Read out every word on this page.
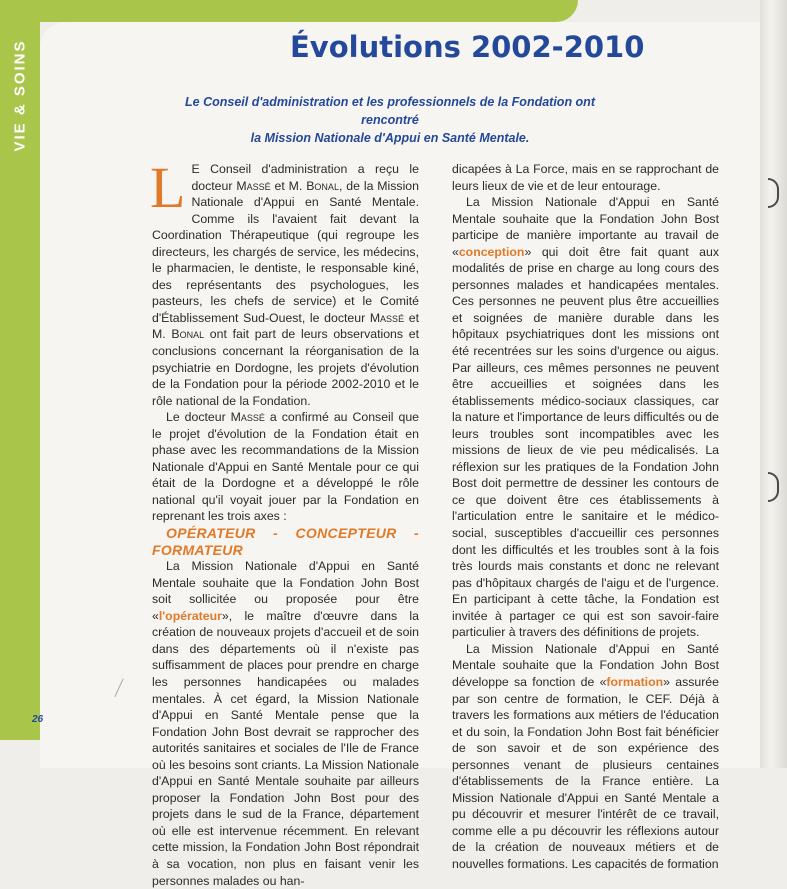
VIE & SOINS	Évolutions 2002-2010

Le Conseil d'administration et les professionnels de la Fondation ont rencontré
la Mission Nationale d'Appui en Santé Mentale.

L E Conseil d'administration a reçu le docteur Massé et M. Bonal, de la Mission Nationale d'Appui en Santé Mentale. Comme ils l'avaient fait devant la Coordination Thérapeutique (qui regroupe les directeurs, les chargés de service, les médecins, le pharmacien, le dentiste, le responsable kiné, des représentants des psychologues, les pasteurs, les chefs de service) et le Comité d'Établissement Sud-Ouest, le docteur Massé et M. Bonal ont fait part de leurs observations et conclusions concernant la réorganisation de la psychiatrie en Dordogne, les projets d'évolution de la Fondation pour la période 2002-2010 et le rôle national de la Fondation.

Le docteur Massé a confirmé au Conseil que le projet d'évolution de la Fondation était en phase avec les recommandations de la Mission Nationale d'Appui en Santé Mentale pour ce qui était de la Dordogne et a développé le rôle national qu'il voyait jouer par la Fondation en reprenant les trois axes :

OPÉRATEUR - CONCEPTEUR - FORMATEUR

La Mission Nationale d'Appui en Santé Mentale souhaite que la Fondation John Bost soit sollicitée ou proposée pour être «l'opérateur», le maître d'œuvre dans la création de nouveaux projets d'accueil et de soin dans des départements où il n'existe pas suffisamment de places pour prendre en charge les personnes handicapées ou malades mentales. À cet égard, la Mission Nationale d'Appui en Santé Mentale pense que la Fondation John Bost devrait se rapprocher des autorités sanitaires et sociales de l'Ile de France où les besoins sont criants. La Mission Nationale d'Appui en Santé Mentale souhaite par ailleurs proposer la Fondation John Bost pour des projets dans le sud de la France, département où elle est intervenue récemment. En relevant cette mission, la Fondation John Bost répondrait à sa vocation, non plus en faisant venir les personnes malades ou han-

dicapées à La Force, mais en se rapprochant de leurs lieux de vie et de leur entourage.

La Mission Nationale d'Appui en Santé Mentale souhaite que la Fondation John Bost participe de manière importante au travail de «conception» qui doit être fait quant aux modalités de prise en charge au long cours des personnes malades et handicapées mentales. Ces personnes ne peuvent plus être accueillies et soignées de manière durable dans les hôpitaux psychiatriques dont les missions ont été recentrées sur les soins d'urgence ou aigus. Par ailleurs, ces mêmes personnes ne peuvent être accueillies et soignées dans les établissements médico-sociaux classiques, car la nature et l'importance de leurs difficultés ou de leurs troubles sont incompatibles avec les missions de lieux de vie peu médicalisés. La réflexion sur les pratiques de la Fondation John Bost doit permettre de dessiner les contours de ce que doivent être ces établissements à l'articulation entre le sanitaire et le médico-social, susceptibles d'accueillir ces personnes dont les difficultés et les troubles sont à la fois très lourds mais constants et donc ne relevant pas d'hôpitaux chargés de l'aigu et de l'urgence. En participant à cette tâche, la Fondation est invitée à partager ce qui est son savoir-faire particulier à travers des définitions de projets.

La Mission Nationale d'Appui en Santé Mentale souhaite que la Fondation John Bost développe sa fonction de «formation» assurée par son centre de formation, le CEF. Déjà à travers les formations aux métiers de l'éducation et du soin, la Fondation John Bost fait bénéficier de son savoir et de son expérience des personnes venant de plusieurs centaines d'établissements de la France entière. La Mission Nationale d'Appui en Santé Mentale a pu découvrir et mesurer l'intérêt de ce travail, comme elle a pu découvrir les réflexions autour de la création de nouveaux métiers et de nouvelles formations. Les capacités de formation

26
